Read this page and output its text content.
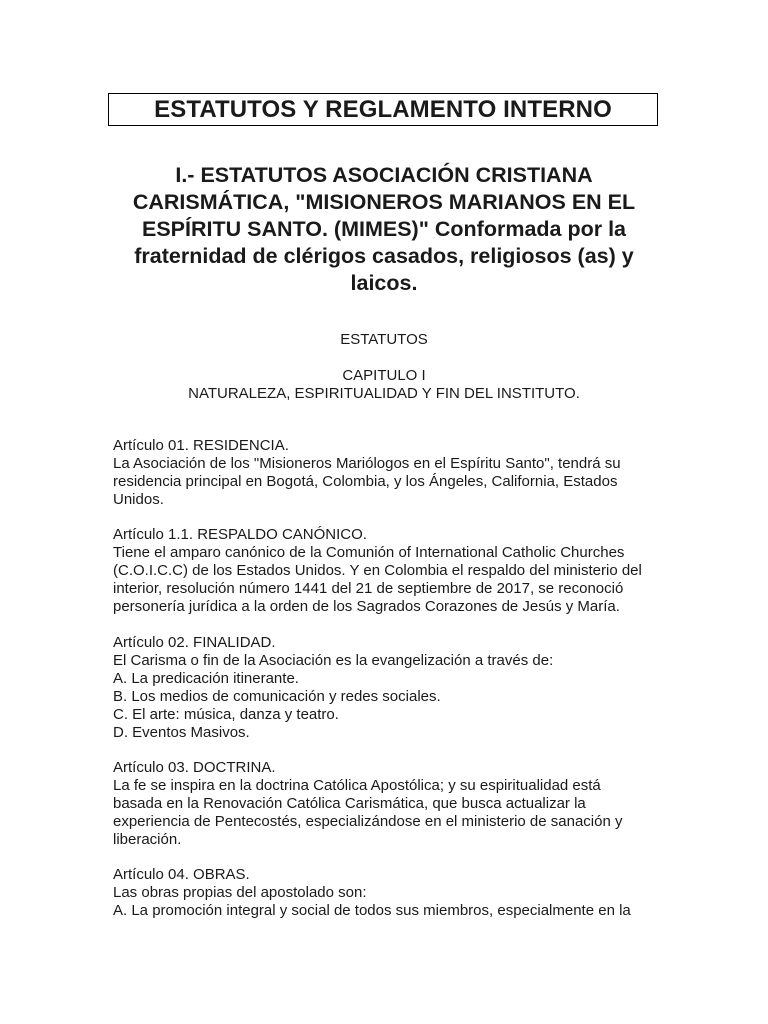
ESTATUTOS Y REGLAMENTO INTERNO
I.- ESTATUTOS ASOCIACIÓN CRISTIANA
CARISMÁTICA, "MISIONEROS MARIANOS EN EL
ESPÍRITU SANTO. (MIMES)" Conformada por la
fraternidad de clérigos casados, religiosos (as) y
laicos.
ESTATUTOS
CAPITULO I
NATURALEZA, ESPIRITUALIDAD Y FIN DEL INSTITUTO.
Artículo 01. RESIDENCIA.
La Asociación de los "Misioneros Mariólogos en el Espíritu Santo", tendrá su
residencia principal en Bogotá, Colombia, y los Ángeles, California, Estados
Unidos.
Artículo 1.1. RESPALDO CANÓNICO.
Tiene el amparo canónico de la Comunión of International Catholic Churches
(C.O.I.C.C) de los Estados Unidos. Y en Colombia el respaldo del ministerio del
interior, resolución número 1441 del 21 de septiembre de 2017, se reconoció
personería jurídica a la orden de los Sagrados Corazones de Jesús y María.
Artículo 02. FINALIDAD.
El Carisma o fin de la Asociación es la evangelización a través de:
A. La predicación itinerante.
B. Los medios de comunicación y redes sociales.
C. El arte: música, danza y teatro.
D. Eventos Masivos.
Artículo 03. DOCTRINA.
La fe se inspira en la doctrina Católica Apostólica; y su espiritualidad está
basada en la Renovación Católica Carismática, que busca actualizar la
experiencia de Pentecostés, especializándose en el ministerio de sanación y
liberación.
Artículo 04. OBRAS.
Las obras propias del apostolado son:
A. La promoción integral y social de todos sus miembros, especialmente en la
